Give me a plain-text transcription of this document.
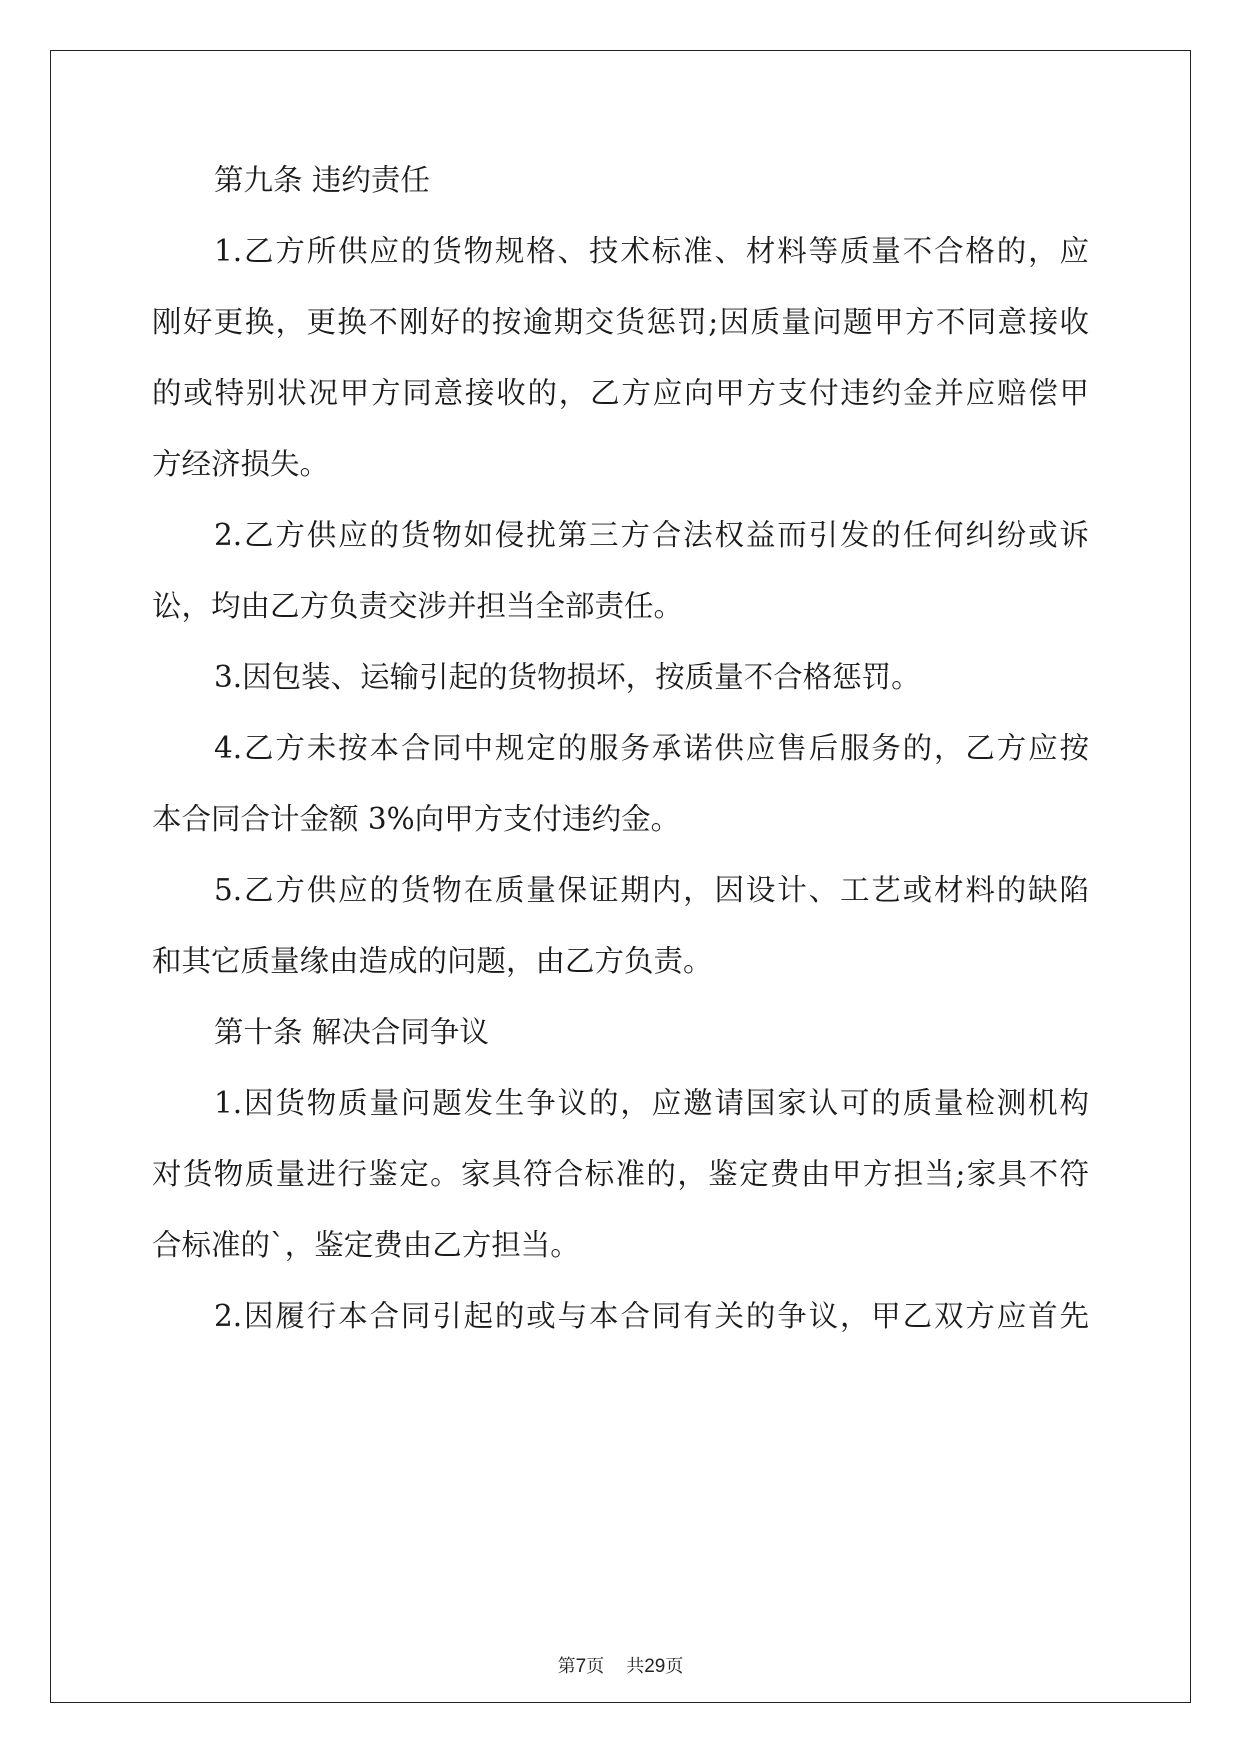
第九条 违约责任
1.乙方所供应的货物规格、技术标准、材料等质量不合格的，应
刚好更换，更换不刚好的按逾期交货惩罚;因质量问题甲方不同意接收
的或特别状况甲方同意接收的，乙方应向甲方支付违约金并应赔偿甲
方经济损失。
2.乙方供应的货物如侵扰第三方合法权益而引发的任何纠纷或诉
讼，均由乙方负责交涉并担当全部责任。
3.因包装、运输引起的货物损坏，按质量不合格惩罚。
4.乙方未按本合同中规定的服务承诺供应售后服务的，乙方应按
本合同合计金额 3%向甲方支付违约金。
5.乙方供应的货物在质量保证期内，因设计、工艺或材料的缺陷
和其它质量缘由造成的问题，由乙方负责。
第十条 解决合同争议
1.因货物质量问题发生争议的，应邀请国家认可的质量检测机构
对货物质量进行鉴定。家具符合标准的，鉴定费由甲方担当;家具不符
合标准的`，鉴定费由乙方担当。
2.因履行本合同引起的或与本合同有关的争议，甲乙双方应首先
第7页 共29页
